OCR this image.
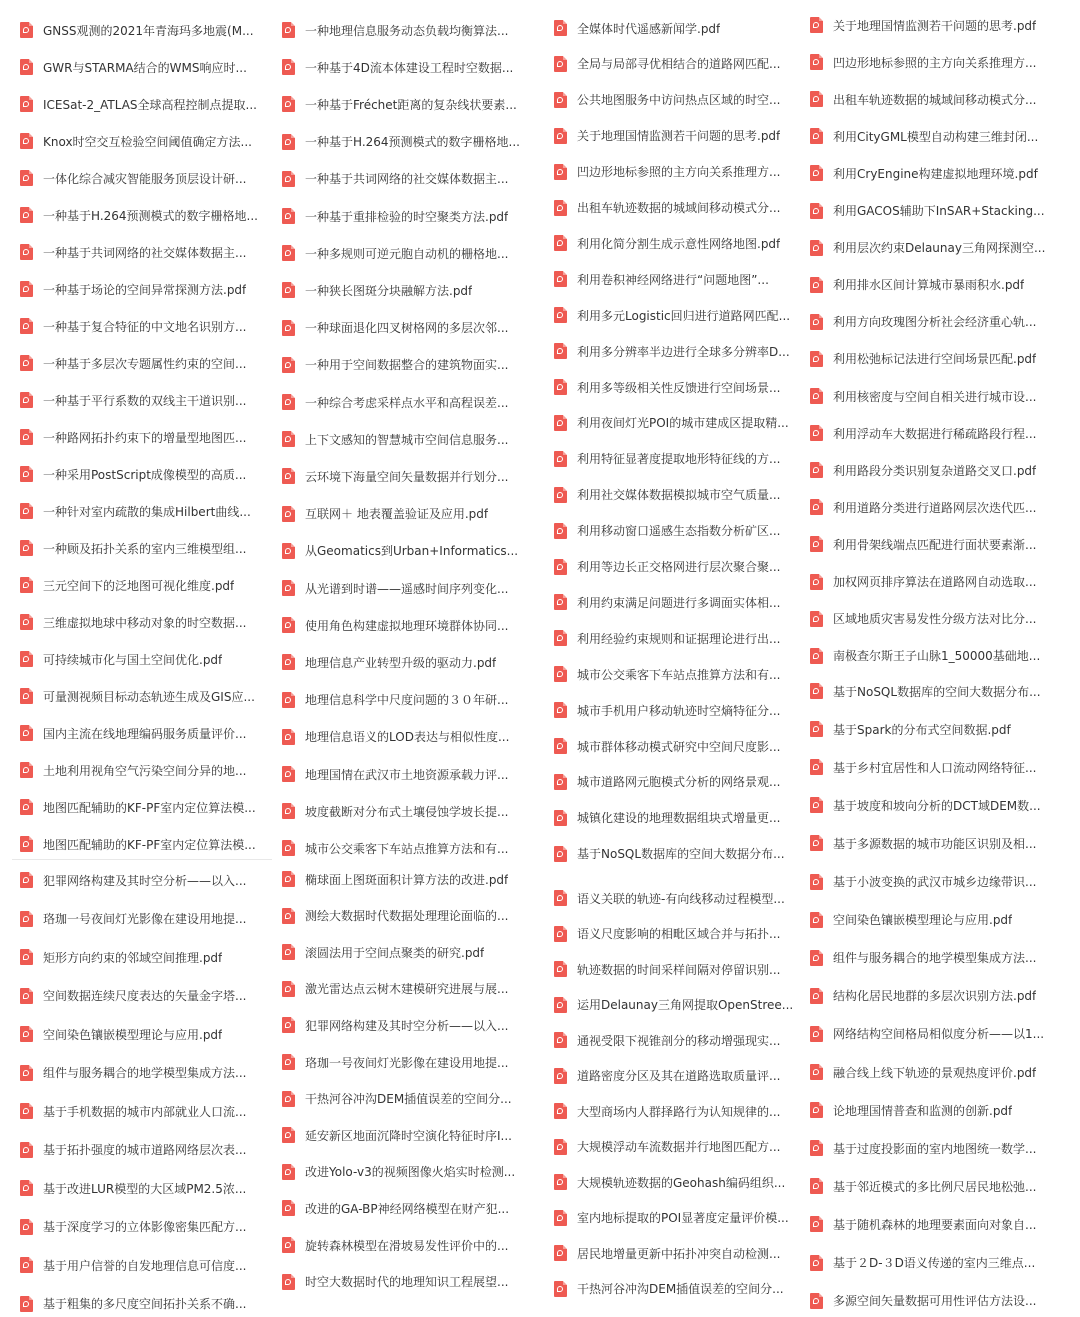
GNSS观测的2021年青海玛多地震(M...
GWR与STARMA结合的WMS响应时...
ICESat-2_ATLAS全球高程控制点提取...
Knox时空交互检验空间阈值确定方法...
一体化综合减灾智能服务顶层设计研...
一种基于H.264预测模式的数字栅格地...
一种基于共词网络的社交媒体数据主...
一种基于场论的空间异常探测方法.pdf
一种基于复合特征的中文地名识别方...
一种基于多层次专题属性约束的空间...
一种基于平行系数的双线主干道识别...
一种路网拓扑约束下的增量型地图匹...
一种采用PostScript成像模型的高质...
一种针对室内疏散的集成Hilbert曲线...
一种顾及拓扑关系的室内三维模型组...
三元空间下的泛地图可视化维度.pdf
三维虚拟地球中移动对象的时空数据...
可持续城市化与国土空间优化.pdf
可量测视频目标动态轨迹生成及GIS应...
国内主流在线地理编码服务质量评价...
土地利用视角空气污染空间分异的地...
地图匹配辅助的KF-PF室内定位算法模...
地图匹配辅助的KF-PF室内定位算法模...
犯罪网络构建及其时空分析——以入...
珞珈一号夜间灯光影像在建设用地提...
矩形方向约束的邻域空间推理.pdf
空间数据连续尺度表达的矢量金字塔...
空间染色镶嵌模型理论与应用.pdf
组件与服务耦合的地学模型集成方法...
基于手机数据的城市内部就业人口流...
基于拓扑强度的城市道路网络层次表...
基于改进LUR模型的大区域PM2.5浓...
基于深度学习的立体影像密集匹配方...
基于用户信誉的自发地理信息可信度...
基于粗集的多尺度空间拓扑关系不确...
一种地理信息服务动态负载均衡算法...
一种基于4D流本体建设工程时空数据...
一种基于Fréchet距离的复杂线状要素...
一种基于H.264预测模式的数字栅格地...
一种基于共词网络的社交媒体数据主...
一种基于重排检验的时空聚类方法.pdf
一种多规则可逆元胞自动机的栅格地...
一种狭长图斑分块融解方法.pdf
一种球面退化四叉树格网的多层次邻...
一种用于空间数据整合的建筑物面实...
一种综合考虑采样点水平和高程误差...
上下文感知的智慧城市空间信息服务...
云环境下海量空间矢量数据并行划分...
互联网＋ 地表覆盖验证及应用.pdf
从Geomatics到Urban+Informatics...
从光谱到时谱——遥感时间序列变化...
使用角色构建虚拟地理环境群体协同...
地理信息产业转型升级的驱动力.pdf
地理信息科学中尺度问题的３０年研...
地理信息语义的LOD表达与相似性度...
地理国情在武汉市土地资源承载力评...
坡度截断对分布式土壤侵蚀学坡长提...
城市公交乘客下车站点推算方法和有...
椭球面上图斑面积计算方法的改进.pdf
测绘大数据时代数据处理理论面临的...
滚圆法用于空间点聚类的研究.pdf
激光雷达点云树木建模研究进展与展...
犯罪网络构建及其时空分析——以入...
珞珈一号夜间灯光影像在建设用地提...
干热河谷冲沟DEM插值误差的空间分...
延安新区地面沉降时空演化特征时序I...
改进Yolo-v3的视频图像火焰实时检测...
改进的GA-BP神经网络模型在财产犯...
旋转森林模型在滑坡易发性评价中的...
时空大数据时代的地理知识工程展望...
全媒体时代遥感新闻学.pdf
全局与局部寻优相结合的道路网匹配...
公共地图服务中访问热点区域的时空...
关于地理国情监测若干问题的思考.pdf
凹边形地标参照的主方向关系推理方...
出租车轨迹数据的城域间移动模式分...
利用化简分割生成示意性网络地图.pdf
利用卷积神经网络进行“问题地图”...
利用多元Logistic回归进行道路网匹配...
利用多分辨率半边进行全球多分辨率D...
利用多等级相关性反馈进行空间场景...
利用夜间灯光POI的城市建成区提取精...
利用特征显著度提取地形特征线的方...
利用社交媒体数据模拟城市空气质量...
利用移动窗口遥感生态指数分析矿区...
利用等边长正交格网进行层次聚合聚...
利用约束满足问题进行多调面实体相...
利用经验约束规则和证据理论进行出...
城市公交乘客下车站点推算方法和有...
城市手机用户移动轨迹时空熵特征分...
城市群体移动模式研究中空间尺度影...
城市道路网元胞模式分析的网络景观...
城镇化建设的地理数据组块式增量更...
基于NoSQL数据库的空间大数据分布...
语义关联的轨迹-有向线移动过程模型...
语义尺度影响的相毗区域合并与拓扑...
轨迹数据的时间采样间隔对停留识别...
运用Delaunay三角网提取OpenStree...
通视受限下视锥剖分的移动增强现实...
道路密度分区及其在道路选取质量评...
大型商场内人群择路行为认知规律的...
大规模浮动车流数据并行地图匹配方...
大规模轨迹数据的Geohash编码组织...
室内地标提取的POI显著度定量评价模...
居民地增量更新中拓扑冲突自动检测...
干热河谷冲沟DEM插值误差的空间分...
关于地理国情监测若干问题的思考.pdf
凹边形地标参照的主方向关系推理方...
出租车轨迹数据的城域间移动模式分...
利用CityGML模型自动构建三维封闭...
利用CryEngine构建虚拟地理环境.pdf
利用GACOS辅助下InSAR+Stacking...
利用层次约束Delaunay三角网探测空...
利用排水区间计算城市暴雨积水.pdf
利用方向玫瑰图分析社会经济重心轨...
利用松弛标记法进行空间场景匹配.pdf
利用核密度与空间自相关进行城市设...
利用浮动车大数据进行稀疏路段行程...
利用路段分类识别复杂道路交叉口.pdf
利用道路分类进行道路网层次迭代匹...
利用骨架线端点匹配进行面状要素渐...
加权网页排序算法在道路网自动选取...
区域地质灾害易发性分级方法对比分...
南极查尔斯王子山脉1_50000基础地...
基于NoSQL数据库的空间大数据分布...
基于Spark的分布式空间数据.pdf
基于乡村宜居性和人口流动网络特征...
基于坡度和坡向分析的DCT域DEM数...
基于多源数据的城市功能区识别及相...
基于小波变换的武汉市城乡边缘带识...
空间染色镶嵌模型理论与应用.pdf
组件与服务耦合的地学模型集成方法...
结构化居民地群的多层次识别方法.pdf
网络结构空间格局相似度分析——以1...
融合线上线下轨迹的景观热度评价.pdf
论地理国情普查和监测的创新.pdf
基于过度投影面的室内地图统一数学...
基于邻近模式的多比例尺居民地松弛...
基于随机森林的地理要素面向对象自...
基于２D-３D语义传递的室内三维点...
多源空间矢量数据可用性评估方法设...
